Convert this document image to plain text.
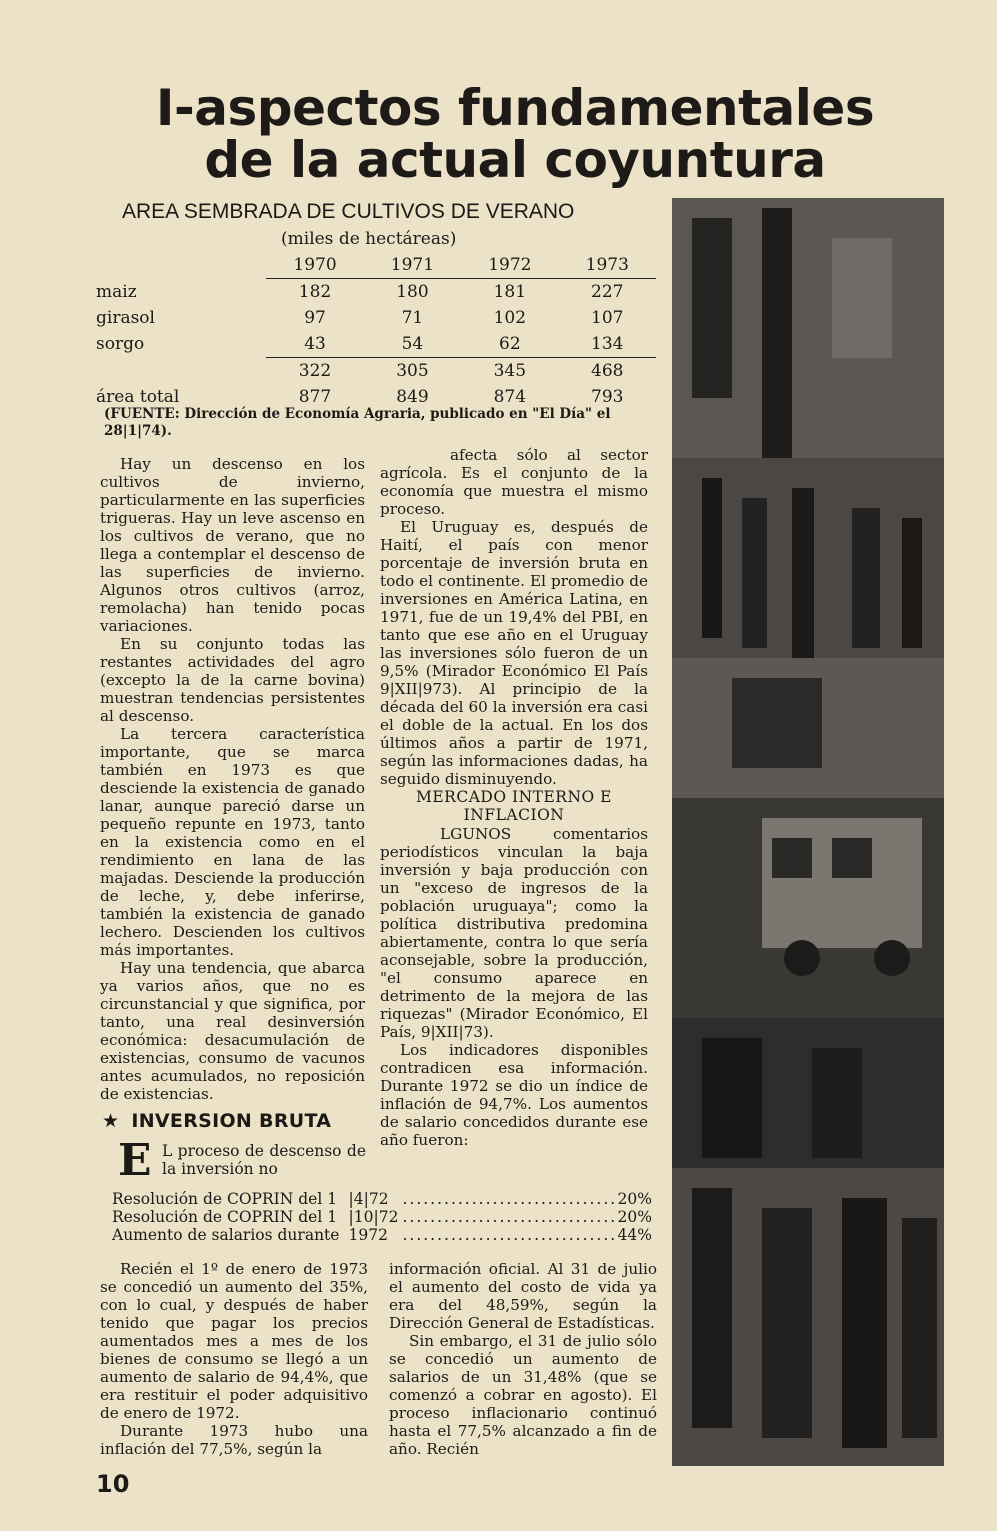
I-aspectos fundamentales
de la actual coyuntura
AREA SEMBRADA DE CULTIVOS DE VERANO
(miles de hectáreas)
	1970	1971	1972	1973
maiz	182	180	181	227
girasol	97	71	102	107
sorgo	43	54	62	134
	322	305	345	468
área total	877	849	874	793
(FUENTE: Dirección de Economía Agraria, publicado en "El Día" el 28|1|74).

Hay un descenso en los cultivos de invierno, particularmente en las superficies trigueras. Hay un leve ascenso en los cultivos de verano, que no llega a contemplar el descenso de las superficies de invierno. Algunos otros cultivos (arroz, remolacha) han tenido pocas variaciones.

En su conjunto todas las restantes actividades del agro (excepto la de la carne bovina) muestran tendencias persistentes al descenso.

La tercera característica importante, que se marca también en 1973 es que desciende la existencia de ganado lanar, aunque pareció darse un pequeño repunte en 1973, tanto en la existencia como en el rendimiento en lana de las majadas. Desciende la producción de leche, y, debe inferirse, también la existencia de ganado lechero. Descienden los cultivos más importantes.

Hay una tendencia, que abarca ya varios años, que no es circunstancial y que significa, por tanto, una real desinversión económica: desacumulación de existencias, consumo de vacunos antes acumulados, no reposición de existencias.

afecta sólo al sector agrícola. Es el conjunto de la economía que muestra el mismo proceso.

El Uruguay es, después de Haití, el país con menor porcentaje de inversión bruta en todo el continente. El promedio de inversiones en América Latina, en 1971, fue de un 19,4% del PBI, en tanto que ese año en el Uruguay las inversiones sólo fueron de un 9,5% (Mirador Económico El País 9|XII|973). Al principio de la década del 60 la inversión era casi el doble de la actual. En los dos últimos años a partir de 1971, según las informaciones dadas, ha seguido disminuyendo.

MERCADO INTERNO E
INFLACION

LGUNOS comentarios periodísticos vinculan la baja inversión y baja producción con un "exceso de ingresos de la población uruguaya"; como la política distributiva predomina abiertamente, contra lo que sería aconsejable, sobre la producción, "el consumo aparece en detrimento de la mejora de las riquezas" (Mirador Económico, El País, 9|XII|73).

Los indicadores disponibles contradicen esa información. Durante 1972 se dio un índice de inflación de 94,7%. Los aumentos de salario concedidos durante ese año fueron:

★ INVERSION BRUTA
E L proceso de descenso de la inversión no
Resolución de COPRIN del 1 |4|72 ............................... 20%
Resolución de COPRIN del 1 |10|72 ............................... 20%
Aumento de salarios durante 1972 ............................... 44%

Recién el 1º de enero de 1973 se concedió un aumento del 35%, con lo cual, y después de haber tenido que pagar los precios aumentados mes a mes de los bienes de consumo se llegó a un aumento de salario de 94,4%, que era restituir el poder adquisitivo de enero de 1972.

Durante 1973 hubo una inflación del 77,5%, según la

información oficial. Al 31 de julio el aumento del costo de vida ya era del 48,59%, según la Dirección General de Estadísticas.

Sin embargo, el 31 de julio sólo se concedió un aumento de salarios de un 31,48% (que se comenzó a cobrar en agosto). El proceso inflacionario continuó hasta el 77,5% alcanzado a fin de año. Recién

10
